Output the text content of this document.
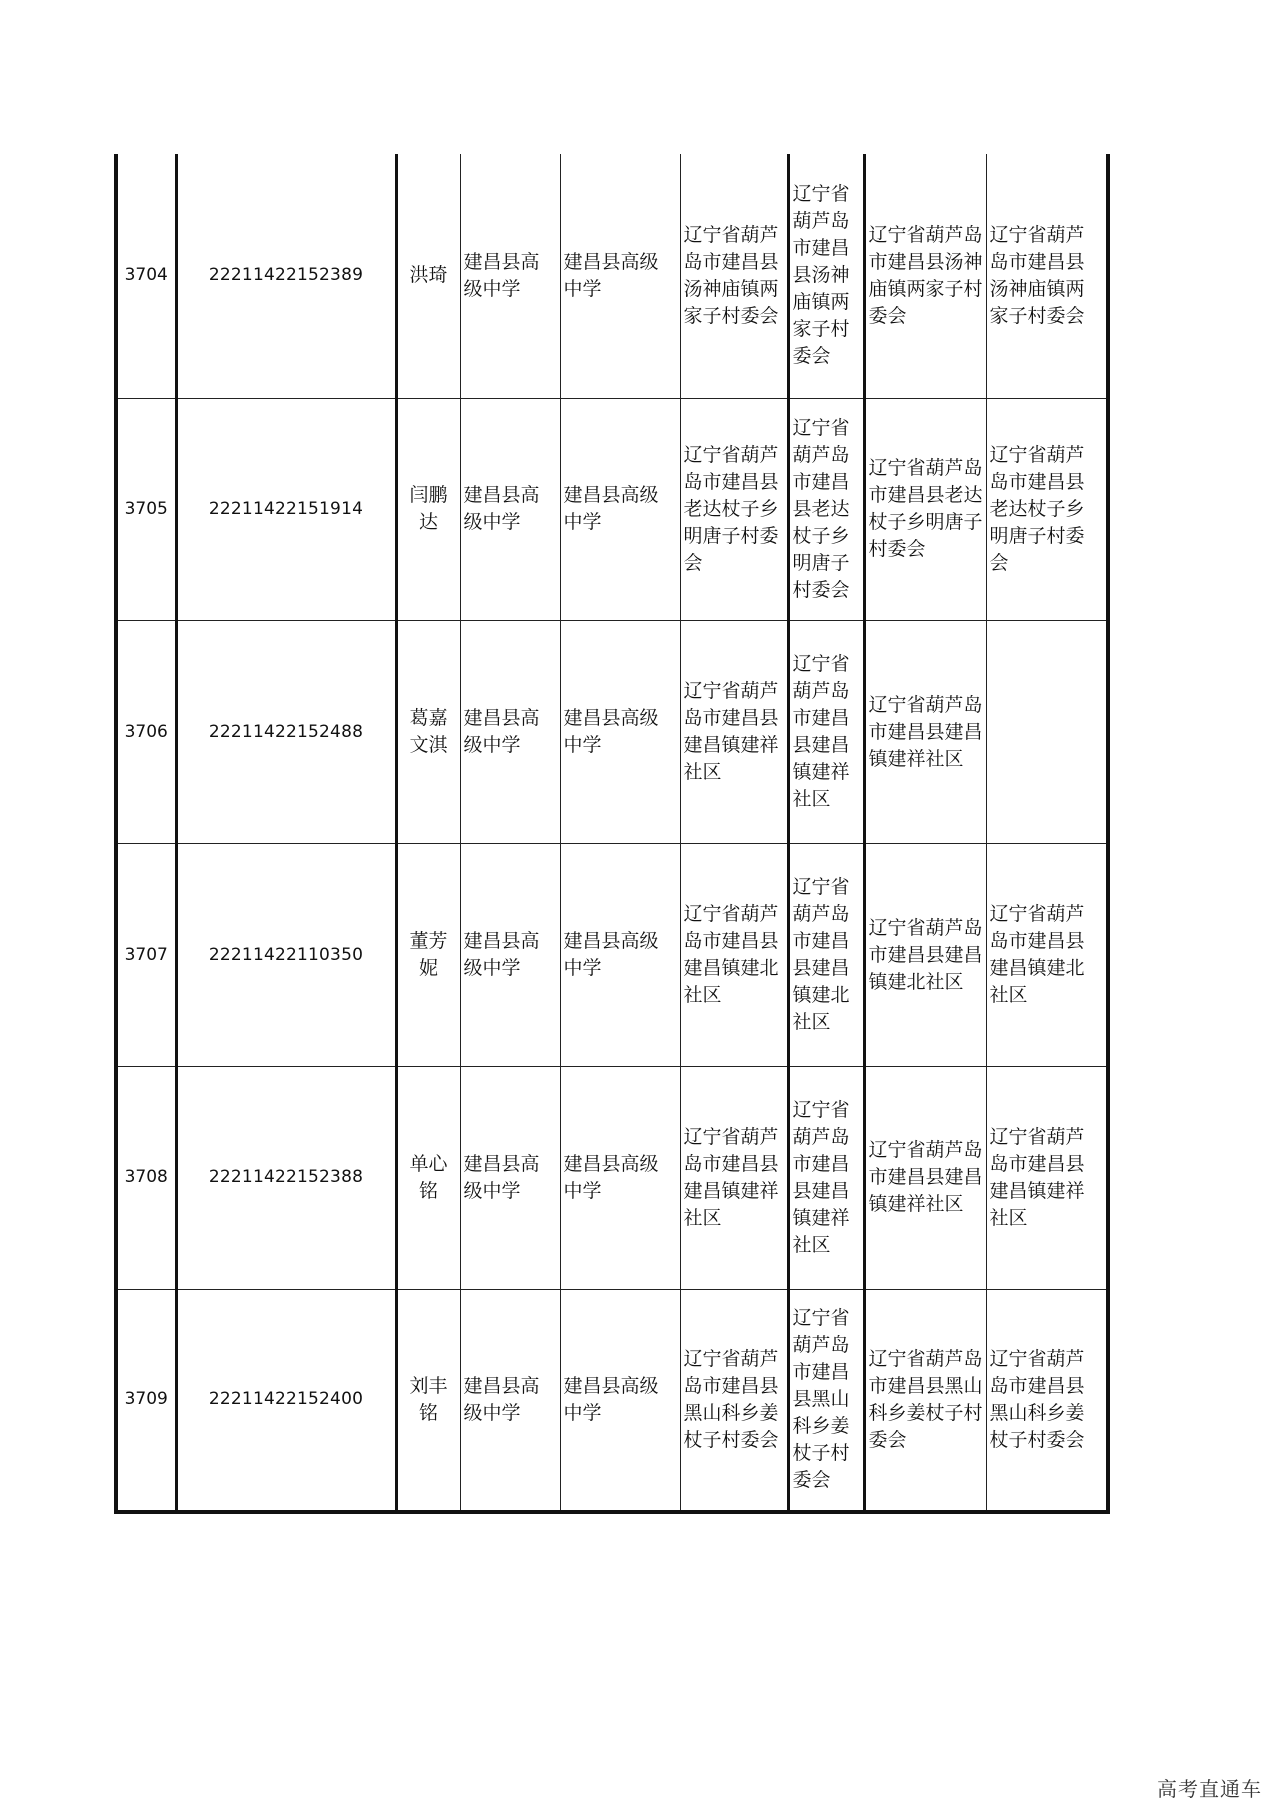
3704	22211422152389	洪琦	建昌县高级中学	建昌县高级中学	辽宁省葫芦岛市建昌县汤神庙镇两家子村委会	辽宁省葫芦岛市建昌县汤神庙镇两家子村委会	辽宁省葫芦岛市建昌县汤神庙镇两家子村委会	辽宁省葫芦岛市建昌县汤神庙镇两家子村委会
3705	22211422151914	闫鹏达	建昌县高级中学	建昌县高级中学	辽宁省葫芦岛市建昌县老达杖子乡明唐子村委会	辽宁省葫芦岛市建昌县老达杖子乡明唐子村委会	辽宁省葫芦岛市建昌县老达杖子乡明唐子村委会	辽宁省葫芦岛市建昌县老达杖子乡明唐子村委会
3706	22211422152488	葛嘉文淇	建昌县高级中学	建昌县高级中学	辽宁省葫芦岛市建昌县建昌镇建祥社区	辽宁省葫芦岛市建昌县建昌镇建祥社区	辽宁省葫芦岛市建昌县建昌镇建祥社区	
3707	22211422110350	董芳妮	建昌县高级中学	建昌县高级中学	辽宁省葫芦岛市建昌县建昌镇建北社区	辽宁省葫芦岛市建昌县建昌镇建北社区	辽宁省葫芦岛市建昌县建昌镇建北社区	辽宁省葫芦岛市建昌县建昌镇建北社区
3708	22211422152388	单心铭	建昌县高级中学	建昌县高级中学	辽宁省葫芦岛市建昌县建昌镇建祥社区	辽宁省葫芦岛市建昌县建昌镇建祥社区	辽宁省葫芦岛市建昌县建昌镇建祥社区	辽宁省葫芦岛市建昌县建昌镇建祥社区
3709	22211422152400	刘丰铭	建昌县高级中学	建昌县高级中学	辽宁省葫芦岛市建昌县黑山科乡姜杖子村委会	辽宁省葫芦岛市建昌县黑山科乡姜杖子村委会	辽宁省葫芦岛市建昌县黑山科乡姜杖子村委会	辽宁省葫芦岛市建昌县黑山科乡姜杖子村委会
高考直通车
